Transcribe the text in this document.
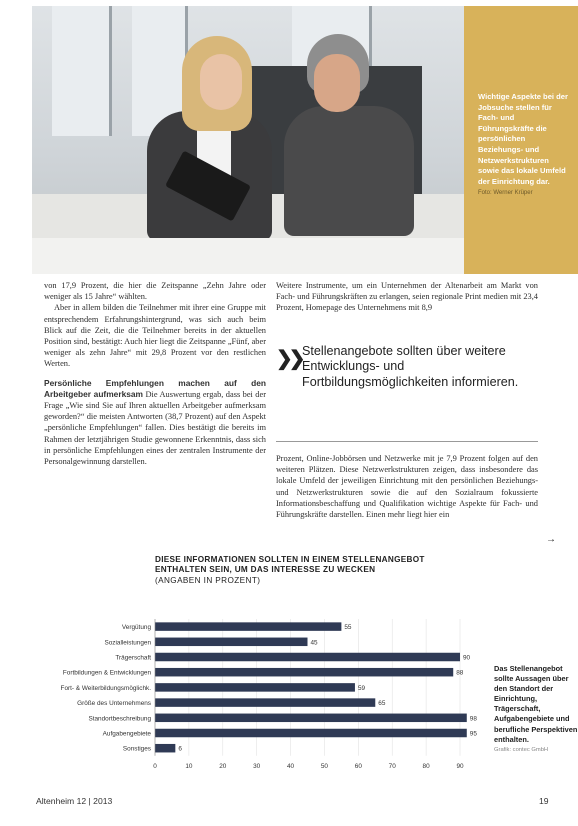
Wichtige Aspekte bei der Jobsuche stellen für Fach- und Führungskräfte die persönlichen Beziehungs- und Netzwerkstrukturen sowie das lokale Umfeld der Einrichtung dar.
Foto: Werner Krüper

von 17,9 Prozent, die hier die Zeitspanne „Zehn Jahre oder weniger als 15 Jahre“ wählten.

Aber in allem bilden die Teilnehmer mit ihrer eine Gruppe mit entsprechendem Erfahrungshintergrund, was sich auch beim Blick auf die Zeit, die die Teilnehmer bereits in der aktuellen Position sind, bestätigt: Auch hier liegt die Zeitspanne „Fünf, aber weniger als zehn Jahre“ mit 29,8 Prozent vor den restlichen Werten.

Persönliche Empfehlungen machen auf den Arbeitgeber aufmerksam Die Auswertung ergab, dass bei der Frage „Wie sind Sie auf Ihren aktuellen Arbeitgeber aufmerksam geworden?“ die meisten Antworten (38,7 Prozent) auf den Aspekt „persönliche Empfehlungen“ fallen. Dies bestätigt die bereits im Rahmen der letztjährigen Studie gewonnene Erkenntnis, dass sich in persönliche Empfehlungen eines der zentralen Instrumente der Personalgewinnung darstellen.

Weitere Instrumente, um ein Unternehmen der Altenarbeit am Markt von Fach- und Führungskräften zu erlangen, seien regionale Print medien mit 23,4 Prozent, Homepage des Unternehmens mit 8,9

❯❯ Stellenangebote sollten über weitere Entwicklungs- und Fortbildungsmöglichkeiten informieren.

Prozent, Online-Jobbörsen und Netzwerke mit je 7,9 Prozent folgen auf den weiteren Plätzen. Diese Netzwerkstrukturen zeigen, dass insbesondere das lokale Umfeld der jeweiligen Einrichtung mit den persönlichen Beziehungs- und Netzwerkstrukturen sowie die auf den Sozialraum fokussierte Informationsbeschaffung und Qualifikation wichtige Aspekte für Fach- und Führungskräfte darstellen. Einen mehr liegt hier ein

→
DIESE INFORMATIONEN SOLLTEN IN EINEM STELLENANGEBOT ENTHALTEN SEIN, UM DAS INTERESSE ZU WECKEN
(ANGABEN IN PROZENT)
Vergütung	55
Sozialleistungen	45
Trägerschaft	90
Fortbildungen & Entwicklungen	88
Fort- & Weiterbildungsmöglichk.	59
Größe des Unternehmens	65
Standortbeschreibung	98
Aufgabengebiete	95
Sonstiges	6
0	10	20	30	40	50	60	70	80	90
Das Stellenangebot sollte Aussagen über den Standort der Einrichtung, Trägerschaft, Aufgabengebiete und berufliche Perspektiven enthalten.
Grafik: contec GmbH
Altenheim 12 | 2013	19
